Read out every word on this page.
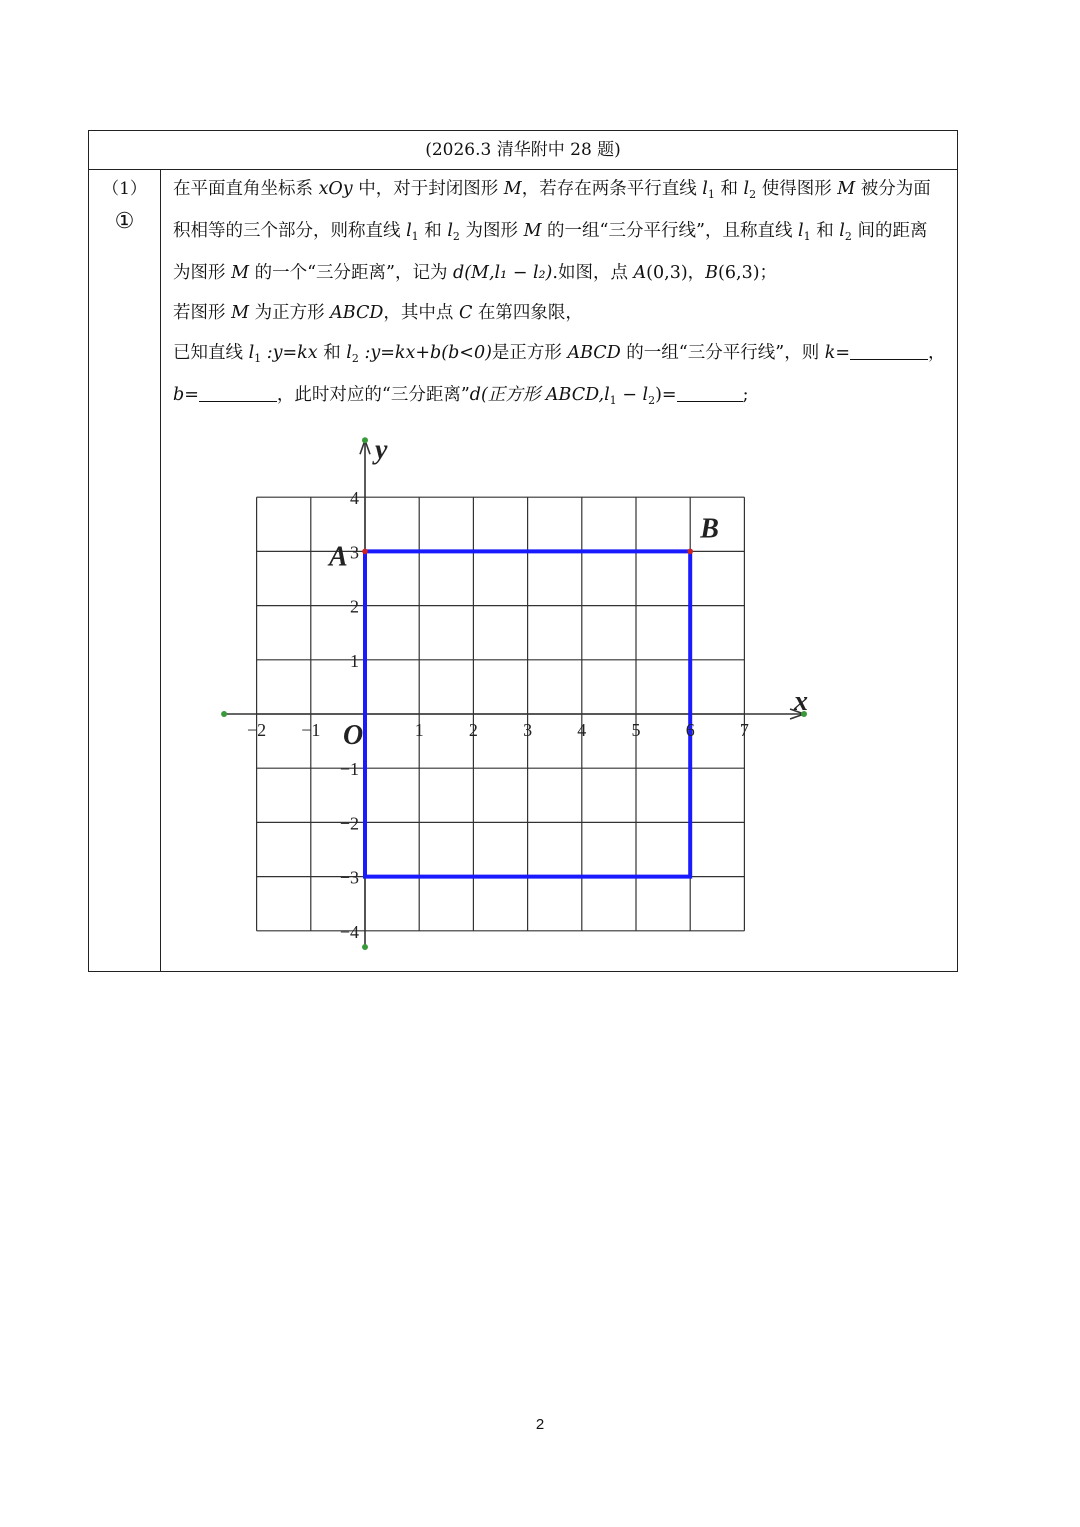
(2026.3 清华附中 28 题)
（1）
①
在平面直角坐标系 xOy 中，对于封闭图形 M，若存在两条平行直线 $l_1$ 和 $l_2$ 使得图形 M 被分为面
积相等的三个部分，则称直线 $l_1$ 和 $l_2$ 为图形 M 的一组“三分平行线”，且称直线 $l_1$ 和 $l_2$ 间的距离
为图形 M 的一个“三分距离”，记为 d(M,l₁ − l₂).如图，点 A(0,3)，B(6,3)；
若图形 M 为正方形 ABCD，其中点 C 在第四象限，
已知直线 $l_1$ :y=kx 和 $l_2$ :y=kx+b(b<0)是正方形 ABCD 的一组“三分平行线”，则 k=	，
b=	，此时对应的“三分距离”d(正方形 $ABCD,l_1 - l_2)=$	;
−2 −1	1	2	3	4	5	6	7
4
3
2
1
−1
−2
−3
−4
A
B
O
x
y
2
